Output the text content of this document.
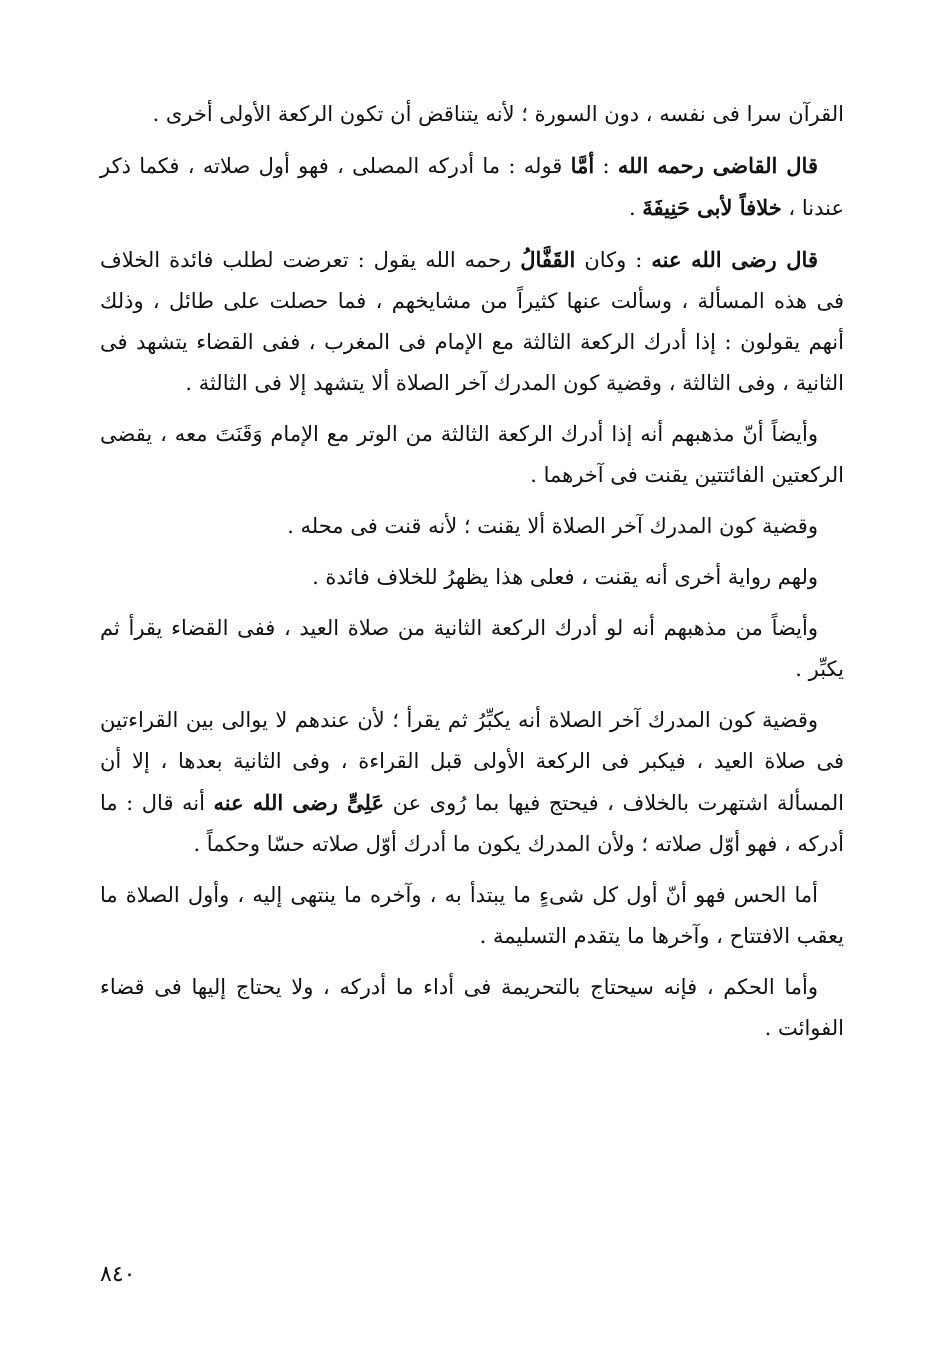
القرآن سرا فى نفسه ، دون السورة ؛ لأنه يتناقض أن تكون الركعة الأولى أخرى .

قال القاضى رحمه الله : أمَّا قوله : ما أدركه المصلى ، فهو أول صلاته ، فكما ذكر عندنا ، خلافاً لأبى حَنِيفَةَ .

قال رضى الله عنه : وكان القَفَّالُ رحمه الله يقول : تعرضت لطلب فائدة الخلاف فى هذه المسألة ، وسألت عنها كثيراً من مشايخهم ، فما حصلت على طائل ، وذلك أنهم يقولون : إذا أدرك الركعة الثالثة مع الإمام فى المغرب ، ففى القضاء يتشهد فى الثانية ، وفى الثالثة ، وقضية كون المدرك آخر الصلاة ألا يتشهد إلا فى الثالثة .

وأيضاً أنّ مذهبهم أنه إذا أدرك الركعة الثالثة من الوتر مع الإمام وَقَنَتَ معه ، يقضى الركعتين الفائتتين يقنت فى آخرهما .

وقضية كون المدرك آخر الصلاة ألا يقنت ؛ لأنه قنت فى محله .

ولهم رواية أخرى أنه يقنت ، فعلى هذا يظهرُ للخلاف فائدة .

وأيضاً من مذهبهم أنه لو أدرك الركعة الثانية من صلاة العيد ، ففى القضاء يقرأ ثم يكبِّر .

وقضية كون المدرك آخر الصلاة أنه يكبِّرُ ثم يقرأ ؛ لأن عندهم لا يوالى بين القراءتين فى صلاة العيد ، فيكبر فى الركعة الأولى قبل القراءة ، وفى الثانية بعدها ، إلا أن المسألة اشتهرت بالخلاف ، فيحتج فيها بما رُوى عن عَلِىٍّ رضى الله عنه أنه قال : ما أدركه ، فهو أوّل صلاته ؛ ولأن المدرك يكون ما أدرك أوّل صلاته حسّا وحكماً .

أما الحس فهو أنّ أول كل شىءٍ ما يبتدأ به ، وآخره ما ينتهى إليه ، وأول الصلاة ما يعقب الافتتاح ، وآخرها ما يتقدم التسليمة .

وأما الحكم ، فإنه سيحتاج بالتحريمة فى أداء ما أدركه ، ولا يحتاج إليها فى قضاء الفوائت .

٨٤٠
